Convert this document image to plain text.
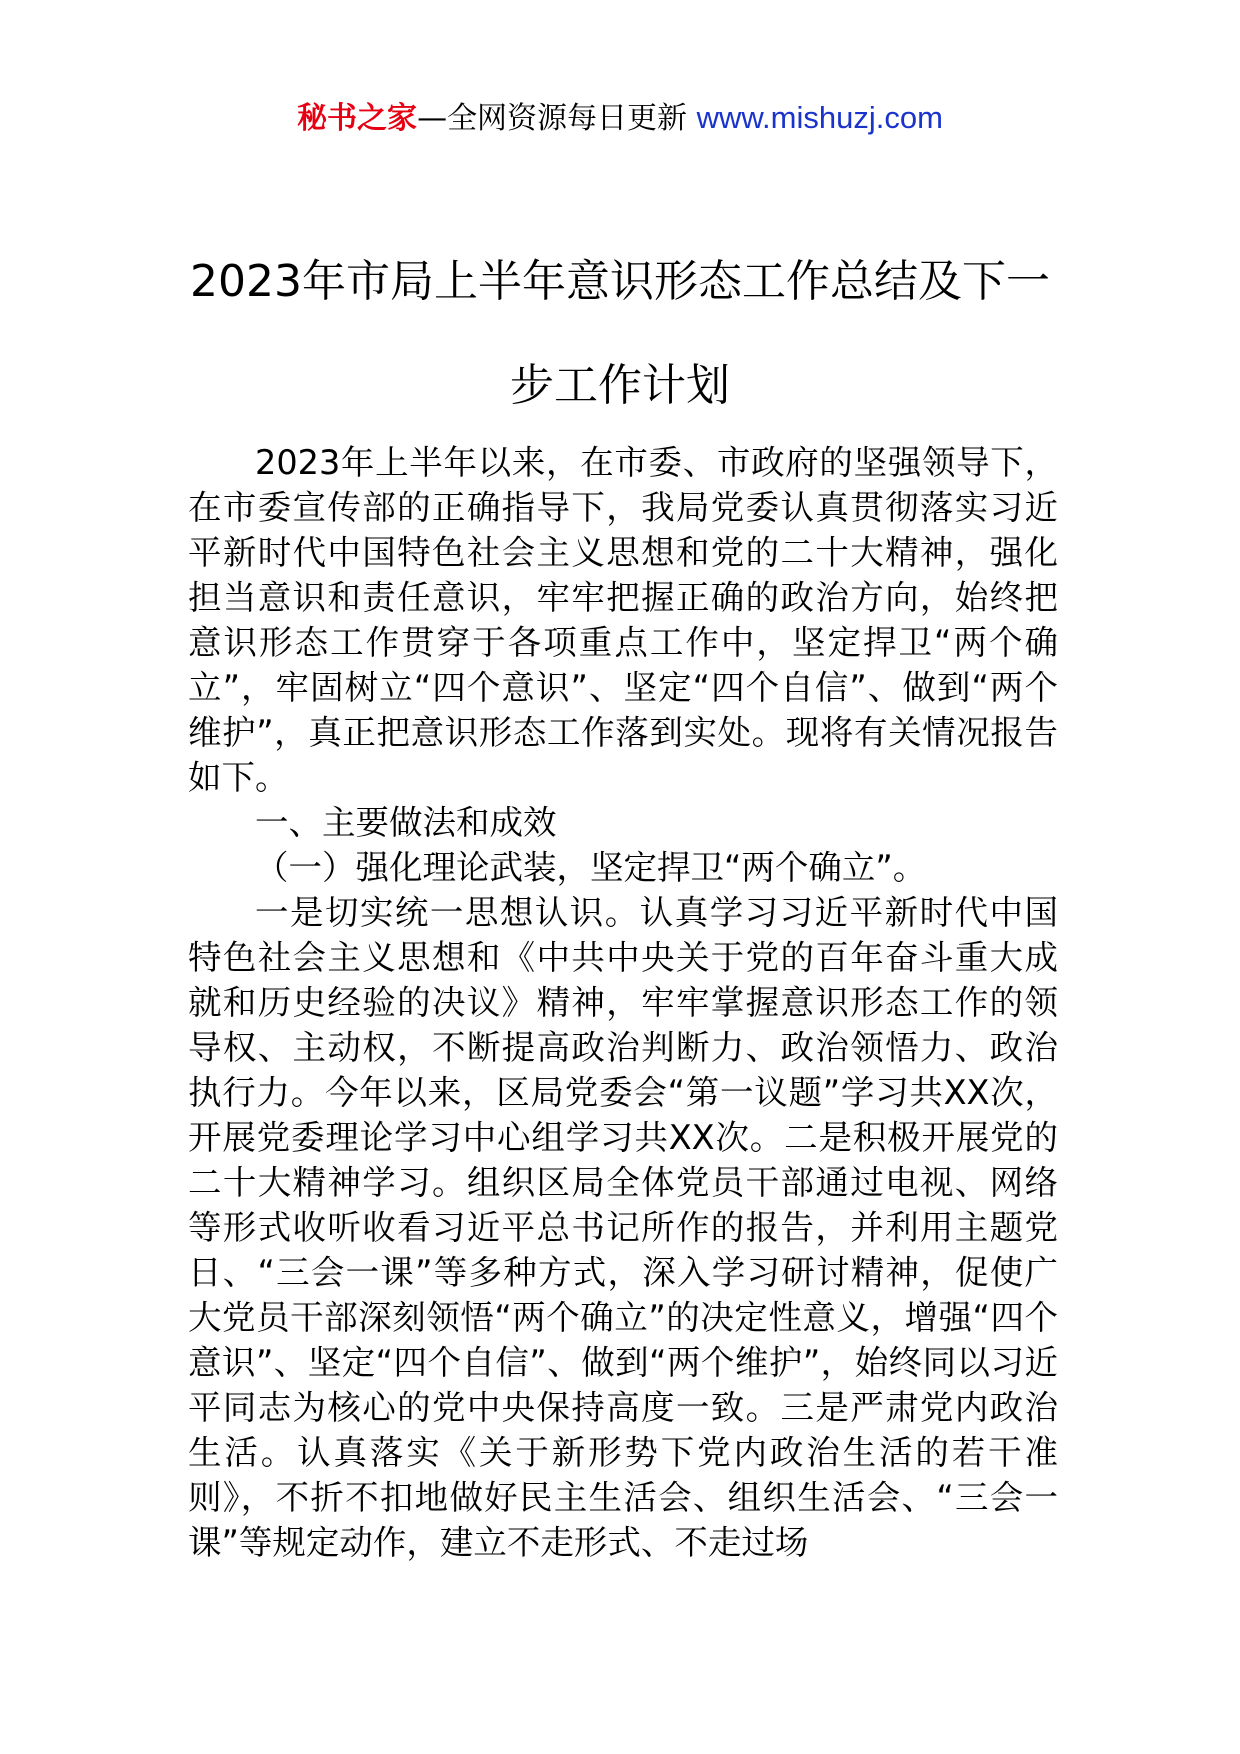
秘书之家—全网资源每日更新 www.mishuzj.com
2023年市局上半年意识形态工作总结及下一步工作计划

2023年上半年以来，在市委、市政府的坚强领导下，在市委宣传部的正确指导下，我局党委认真贯彻落实习近平新时代中国特色社会主义思想和党的二十大精神，强化担当意识和责任意识，牢牢把握正确的政治方向，始终把意识形态工作贯穿于各项重点工作中，坚定捍卫“两个确立”，牢固树立“四个意识”、坚定“四个自信”、做到“两个维护”，真正把意识形态工作落到实处。现将有关情况报告如下。

一、主要做法和成效

（一）强化理论武装，坚定捍卫“两个确立”。

一是切实统一思想认识。认真学习习近平新时代中国特色社会主义思想和《中共中央关于党的百年奋斗重大成就和历史经验的决议》精神，牢牢掌握意识形态工作的领导权、主动权，不断提高政治判断力、政治领悟力、政治执行力。今年以来，区局党委会“第一议题”学习共XX次，开展党委理论学习中心组学习共XX次。二是积极开展党的二十大精神学习。组织区局全体党员干部通过电视、网络等形式收听收看习近平总书记所作的报告，并利用主题党日、“三会一课”等多种方式，深入学习研讨精神，促使广大党员干部深刻领悟“两个确立”的决定性意义，增强“四个意识”、坚定“四个自信”、做到“两个维护”，始终同以习近平同志为核心的党中央保持高度一致。三是严肃党内政治生活。认真落实《关于新形势下党内政治生活的若干准则》，不折不扣地做好民主生活会、组织生活会、“三会一课”等规定动作，建立不走形式、不走过场
